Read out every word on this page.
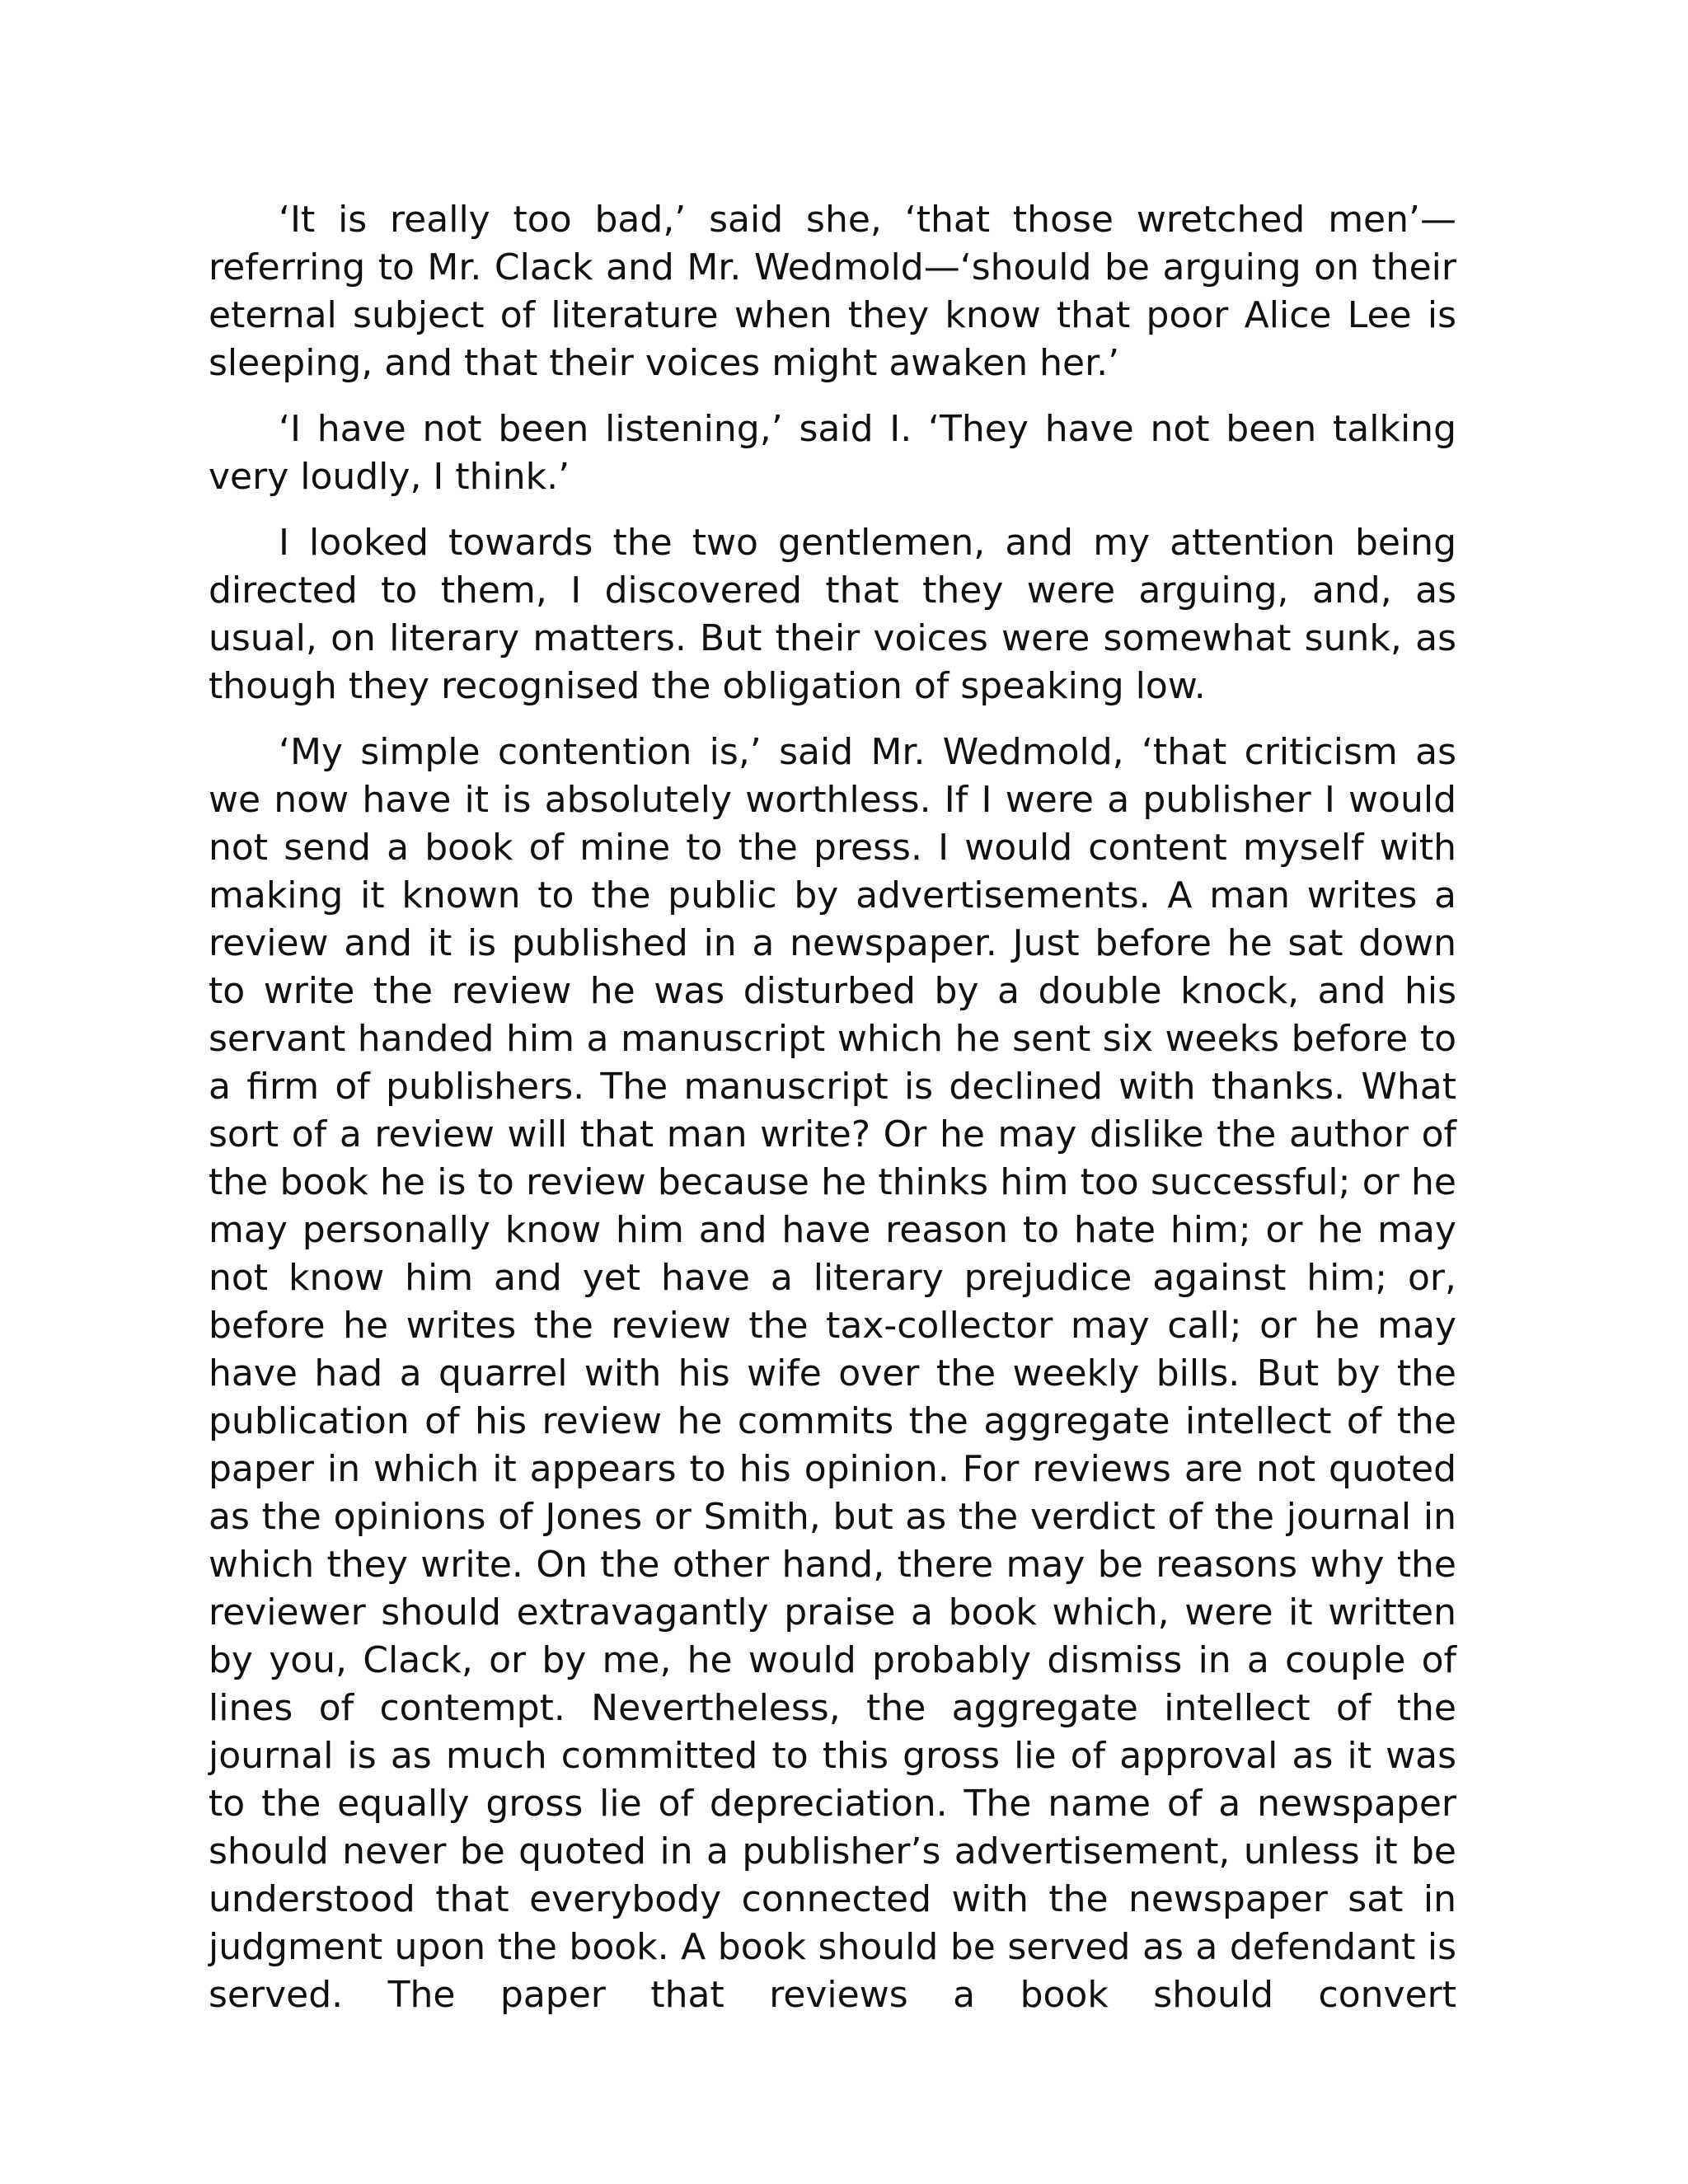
‘It is really too bad,’ said she, ‘that those wretched men’—referring to Mr. Clack and Mr. Wedmold—‘should be arguing on their eternal subject of literature when they know that poor Alice Lee is sleeping, and that their voices might awaken her.’

‘I have not been listening,’ said I. ‘They have not been talking very loudly, I think.’

I looked towards the two gentlemen, and my attention being directed to them, I discovered that they were arguing, and, as usual, on literary matters. But their voices were somewhat sunk, as though they recognised the obligation of speaking low.

‘My simple contention is,’ said Mr. Wedmold, ‘that criticism as we now have it is absolutely worthless. If I were a publisher I would not send a book of mine to the press. I would content myself with making it known to the public by advertisements. A man writes a review and it is published in a newspaper. Just before he sat down to write the review he was disturbed by a double knock, and his servant handed him a manuscript which he sent six weeks before to a firm of publishers. The manuscript is declined with thanks. What sort of a review will that man write? Or he may dislike the author of the book he is to review because he thinks him too successful; or he may personally know him and have reason to hate him; or he may not know him and yet have a literary prejudice against him; or, before he writes the review the tax-collector may call; or he may have had a quarrel with his wife over the weekly bills. But by the publication of his review he commits the aggregate intellect of the paper in which it appears to his opinion. For reviews are not quoted as the opinions of Jones or Smith, but as the verdict of the journal in which they write. On the other hand, there may be reasons why the reviewer should extravagantly praise a book which, were it written by you, Clack, or by me, he would probably dismiss in a couple of lines of contempt. Nevertheless, the aggregate intellect of the journal is as much committed to this gross lie of approval as it was to the equally gross lie of depreciation. The name of a newspaper should never be quoted in a publisher’s advertisement, unless it be understood that everybody connected with the newspaper sat in judgment upon the book. A book should be served as a defendant is served. The paper that reviews a book should convert
